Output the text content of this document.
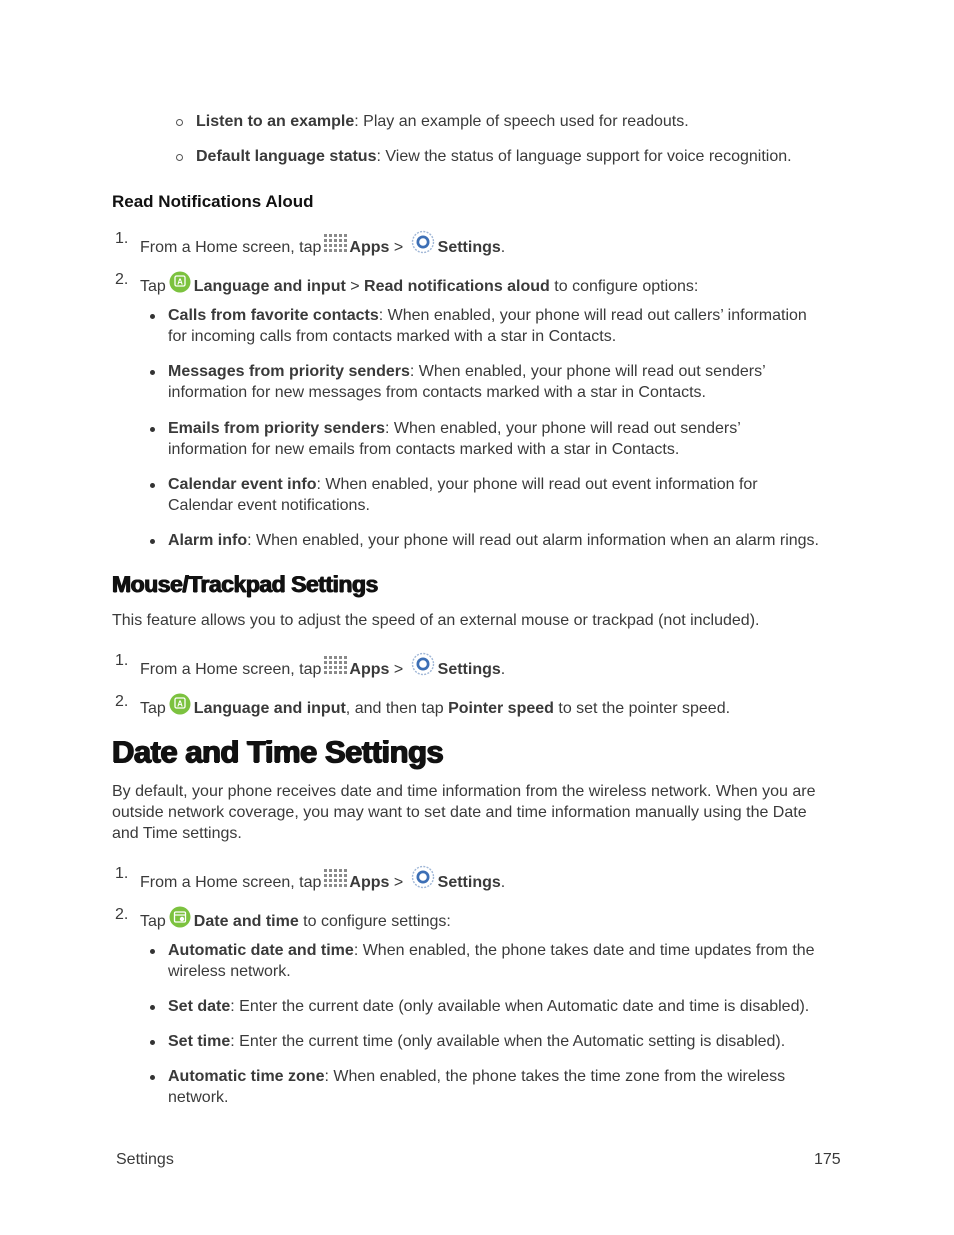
Listen to an example: Play an example of speech used for readouts.
Default language status: View the status of language support for voice recognition.
Read Notifications Aloud
1.
From a Home screen, tap Apps > Settings.
2. Tap A Language and input > Read notifications aloud to configure options:
Calls from favorite contacts: When enabled, your phone will read out callers’ information
for incoming calls from contacts marked with a star in Contacts.
Messages from priority senders: When enabled, your phone will read out senders’
information for new messages from contacts marked with a star in Contacts.
Emails from priority senders: When enabled, your phone will read out senders’
information for new emails from contacts marked with a star in Contacts.
Calendar event info: When enabled, your phone will read out event information for
Calendar event notifications.
Alarm info: When enabled, your phone will read out alarm information when an alarm rings.
Mouse/Trackpad Settings
This feature allows you to adjust the speed of an external mouse or trackpad (not included).
1.
From a Home screen, tap Apps > Settings.
2. Tap A Language and input, and then tap Pointer speed to set the pointer speed.
Date and Time Settings
By default, your phone receives date and time information from the wireless network. When you are
outside network coverage, you may want to set date and time information manually using the Date
and Time settings.
1.
From a Home screen, tap Apps > Settings.
2. Tap Date and time to configure settings:
Automatic date and time: When enabled, the phone takes date and time updates from the
wireless network.
Set date: Enter the current date (only available when Automatic date and time is disabled).
Set time: Enter the current time (only available when the Automatic setting is disabled).
Automatic time zone: When enabled, the phone takes the time zone from the wireless
network.
Settings	175
